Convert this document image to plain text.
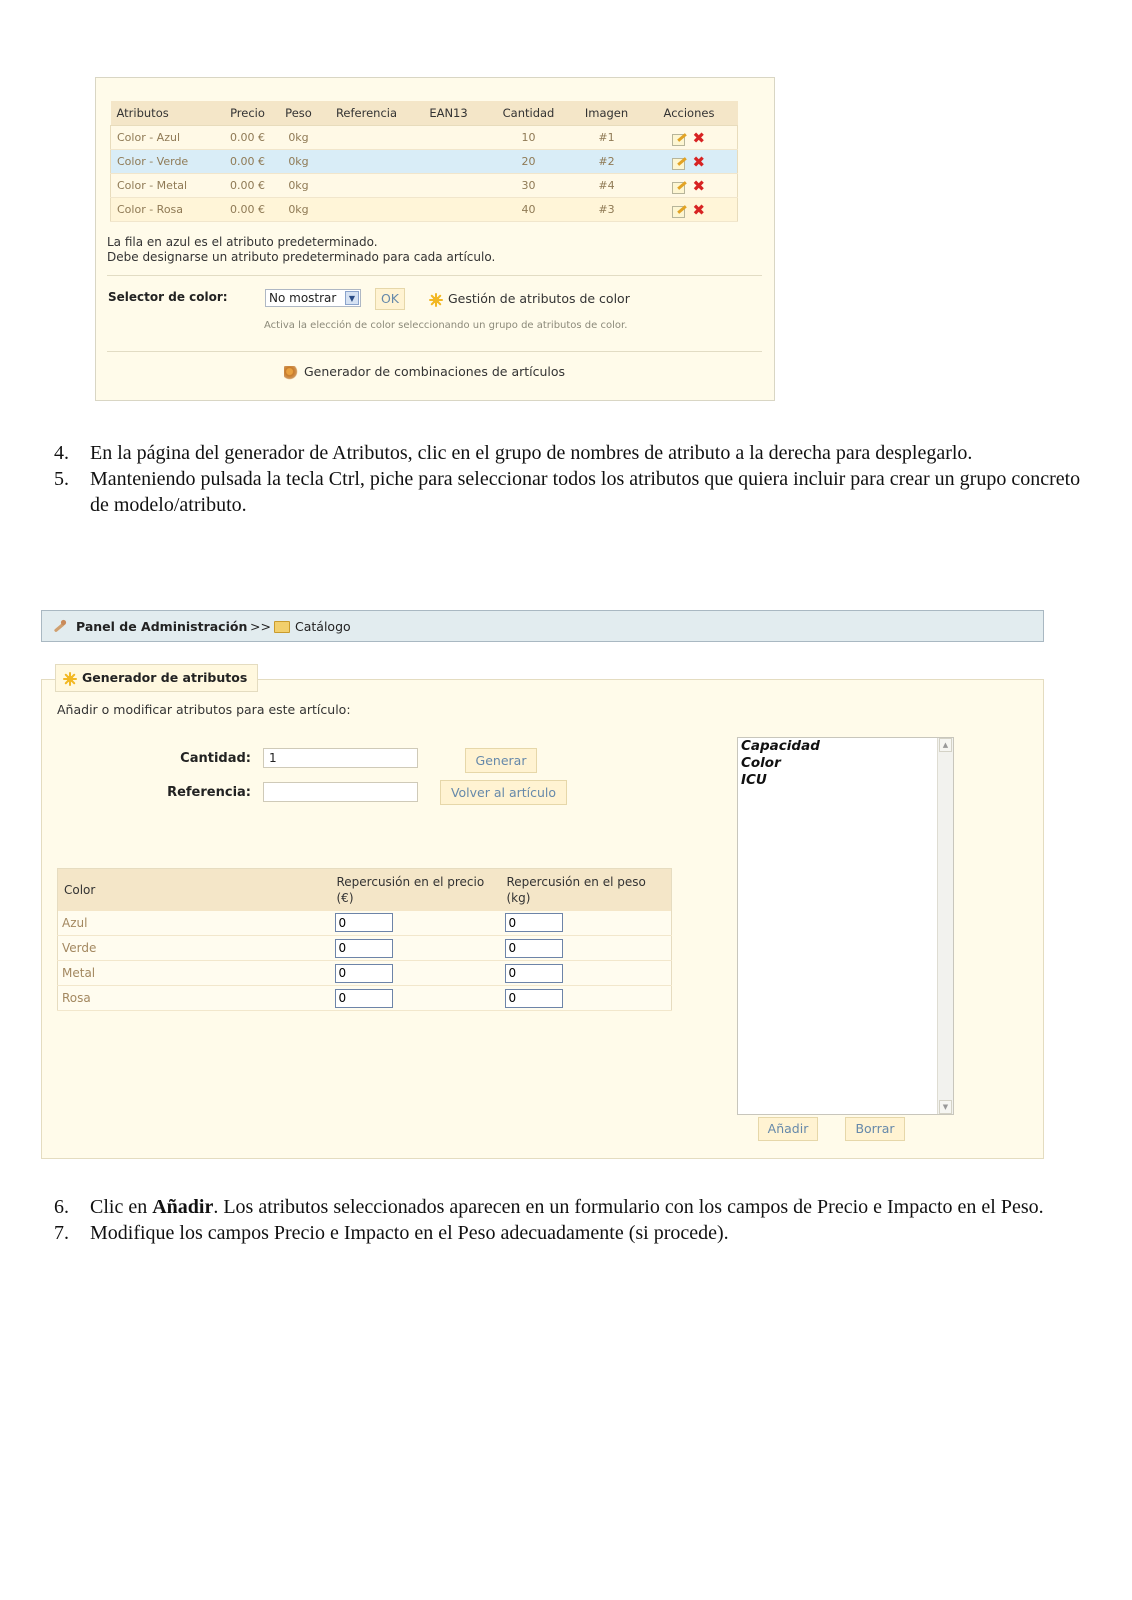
Atributos	Precio	Peso	Referencia	EAN13	Cantidad	Imagen	Acciones
Color - Azul	0.00 €	0kg			10	#1	✖
Color - Verde	0.00 €	0kg			20	#2	✖
Color - Metal	0.00 €	0kg			30	#4	✖
Color - Rosa	0.00 €	0kg			40	#3	✖
La fila en azul es el atributo predeterminado.
Debe designarse un atributo predeterminado para cada artículo.
Selector de color:	No mostrar	▼	OK	Gestión de atributos de color
Activa la elección de color seleccionando un grupo de atributos de color.
Generador de combinaciones de artículos
4. En la página del generador de Atributos, clic en el grupo de nombres de atributo a la derecha para desplegarlo.
5. Manteniendo pulsada la tecla Ctrl, piche para seleccionar todos los atributos que quiera incluir para crear un grupo concreto de modelo/atributo.
Panel de Administración >> Catálogo
Generador de atributos
Añadir o modificar atributos para este artículo:
Cantidad:	1
Referencia:
Generar
Volver al artículo
Color	Repercusión en el precio (€)	Repercusión en el peso (kg)
Azul	0	0
Verde	0	0
Metal	0	0
Rosa	0	0
Capacidad
Color
ICU
▲
▼
Añadir	Borrar
6. Clic en Añadir. Los atributos seleccionados aparecen en un formulario con los campos de Precio e Impacto en el Peso.
7. Modifique los campos Precio e Impacto en el Peso adecuadamente (si procede).
